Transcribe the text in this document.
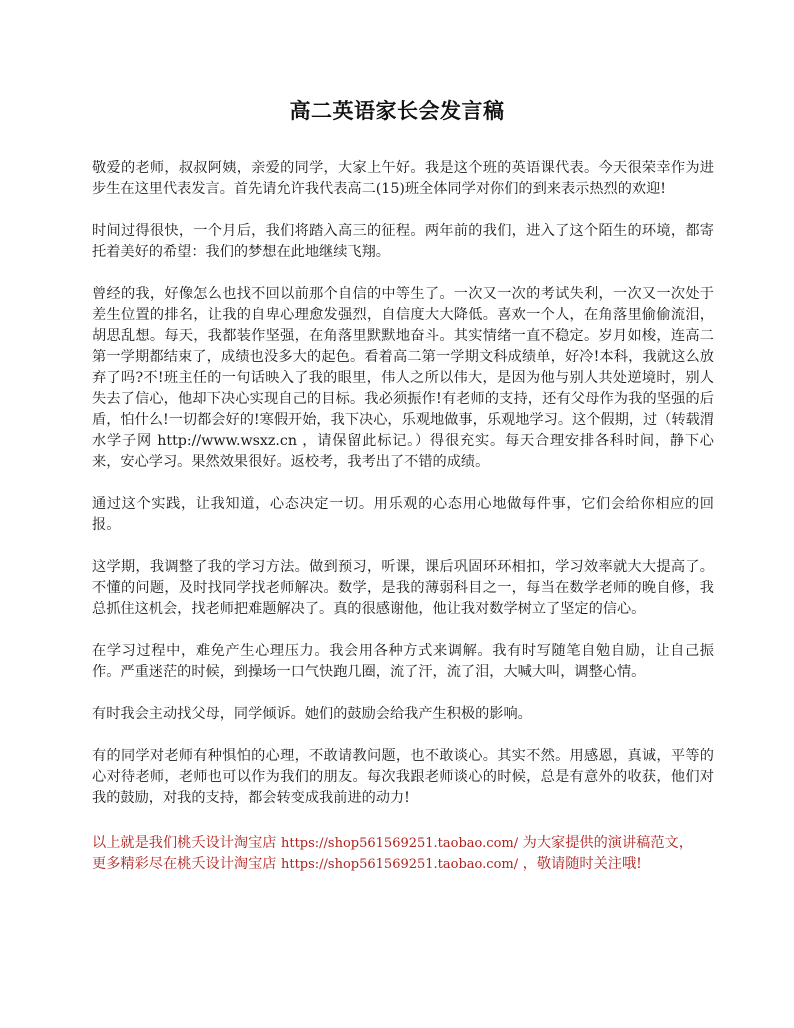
高二英语家长会发言稿

敬爱的老师，叔叔阿姨，亲爱的同学，大家上午好。我是这个班的英语课代表。今天很荣幸作为进步生在这里代表发言。首先请允许我代表高二(15)班全体同学对你们的到来表示热烈的欢迎!

时间过得很快，一个月后，我们将踏入高三的征程。两年前的我们，进入了这个陌生的环境，都寄托着美好的希望：我们的梦想在此地继续飞翔。

曾经的我，好像怎么也找不回以前那个自信的中等生了。一次又一次的考试失利，一次又一次处于差生位置的排名，让我的自卑心理愈发强烈，自信度大大降低。喜欢一个人，在角落里偷偷流泪，胡思乱想。每天，我都装作坚强，在角落里默默地奋斗。其实情绪一直不稳定。岁月如梭，连高二第一学期都结束了，成绩也没多大的起色。看着高二第一学期文科成绩单，好冷!本科，我就这么放弃了吗?不!班主任的一句话映入了我的眼里，伟人之所以伟大，是因为他与别人共处逆境时，别人失去了信心，他却下决心实现自己的目标。我必须振作!有老师的支持，还有父母作为我的坚强的后盾，怕什么!一切都会好的!寒假开始，我下决心，乐观地做事，乐观地学习。这个假期，过（转载渭水学子网 http://www.wsxz.cn ，请保留此标记。）得很充实。每天合理安排各科时间，静下心来，安心学习。果然效果很好。返校考，我考出了不错的成绩。

通过这个实践，让我知道，心态决定一切。用乐观的心态用心地做每件事，它们会给你相应的回报。

这学期，我调整了我的学习方法。做到预习，听课，课后巩固环环相扣，学习效率就大大提高了。不懂的问题，及时找同学找老师解决。数学，是我的薄弱科目之一，每当在数学老师的晚自修，我总抓住这机会，找老师把难题解决了。真的很感谢他，他让我对数学树立了坚定的信心。

在学习过程中，难免产生心理压力。我会用各种方式来调解。我有时写随笔自勉自励，让自己振作。严重迷茫的时候，到操场一口气快跑几圈，流了汗，流了泪，大喊大叫，调整心情。

有时我会主动找父母，同学倾诉。她们的鼓励会给我产生积极的影响。

有的同学对老师有种惧怕的心理，不敢请教问题，也不敢谈心。其实不然。用感恩，真诚，平等的心对待老师，老师也可以作为我们的朋友。每次我跟老师谈心的时候，总是有意外的收获，他们对我的鼓励，对我的支持，都会转变成我前进的动力!

以上就是我们桃夭设计淘宝店 https://shop561569251.taobao.com/ 为大家提供的演讲稿范文，
更多精彩尽在桃夭设计淘宝店 https://shop561569251.taobao.com/ ，敬请随时关注哦!
